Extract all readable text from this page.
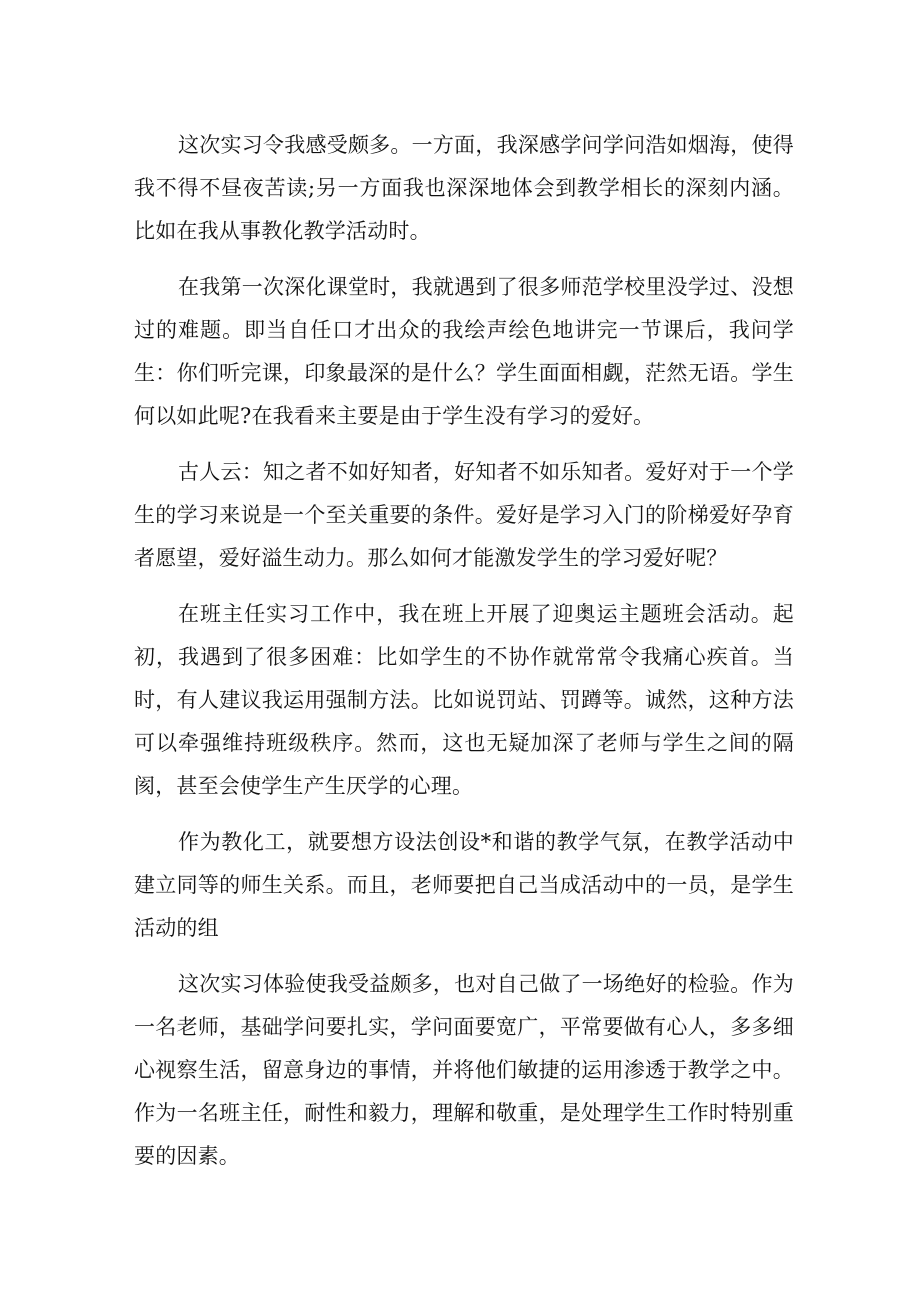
这次实习令我感受颇多。一方面，我深感学问学问浩如烟海，使得我不得不昼夜苦读;另一方面我也深深地体会到教学相长的深刻内涵。比如在我从事教化教学活动时。

在我第一次深化课堂时，我就遇到了很多师范学校里没学过、没想过的难题。即当自任口才出众的我绘声绘色地讲完一节课后，我问学生：你们听完课，印象最深的是什么？学生面面相觑，茫然无语。学生何以如此呢?在我看来主要是由于学生没有学习的爱好。

古人云：知之者不如好知者，好知者不如乐知者。爱好对于一个学生的学习来说是一个至关重要的条件。爱好是学习入门的阶梯爱好孕育者愿望，爱好溢生动力。那么如何才能激发学生的学习爱好呢？

在班主任实习工作中，我在班上开展了迎奥运主题班会活动。起初，我遇到了很多困难：比如学生的不协作就常常令我痛心疾首。当时，有人建议我运用强制方法。比如说罚站、罚蹲等。诚然，这种方法可以牵强维持班级秩序。然而，这也无疑加深了老师与学生之间的隔阂，甚至会使学生产生厌学的心理。

作为教化工，就要想方设法创设*和谐的教学气氛，在教学活动中建立同等的师生关系。而且，老师要把自己当成活动中的一员，是学生活动的组

这次实习体验使我受益颇多，也对自己做了一场绝好的检验。作为一名老师，基础学问要扎实，学问面要宽广，平常要做有心人，多多细心视察生活，留意身边的事情，并将他们敏捷的运用渗透于教学之中。作为一名班主任，耐性和毅力，理解和敬重，是处理学生工作时特别重要的因素。
